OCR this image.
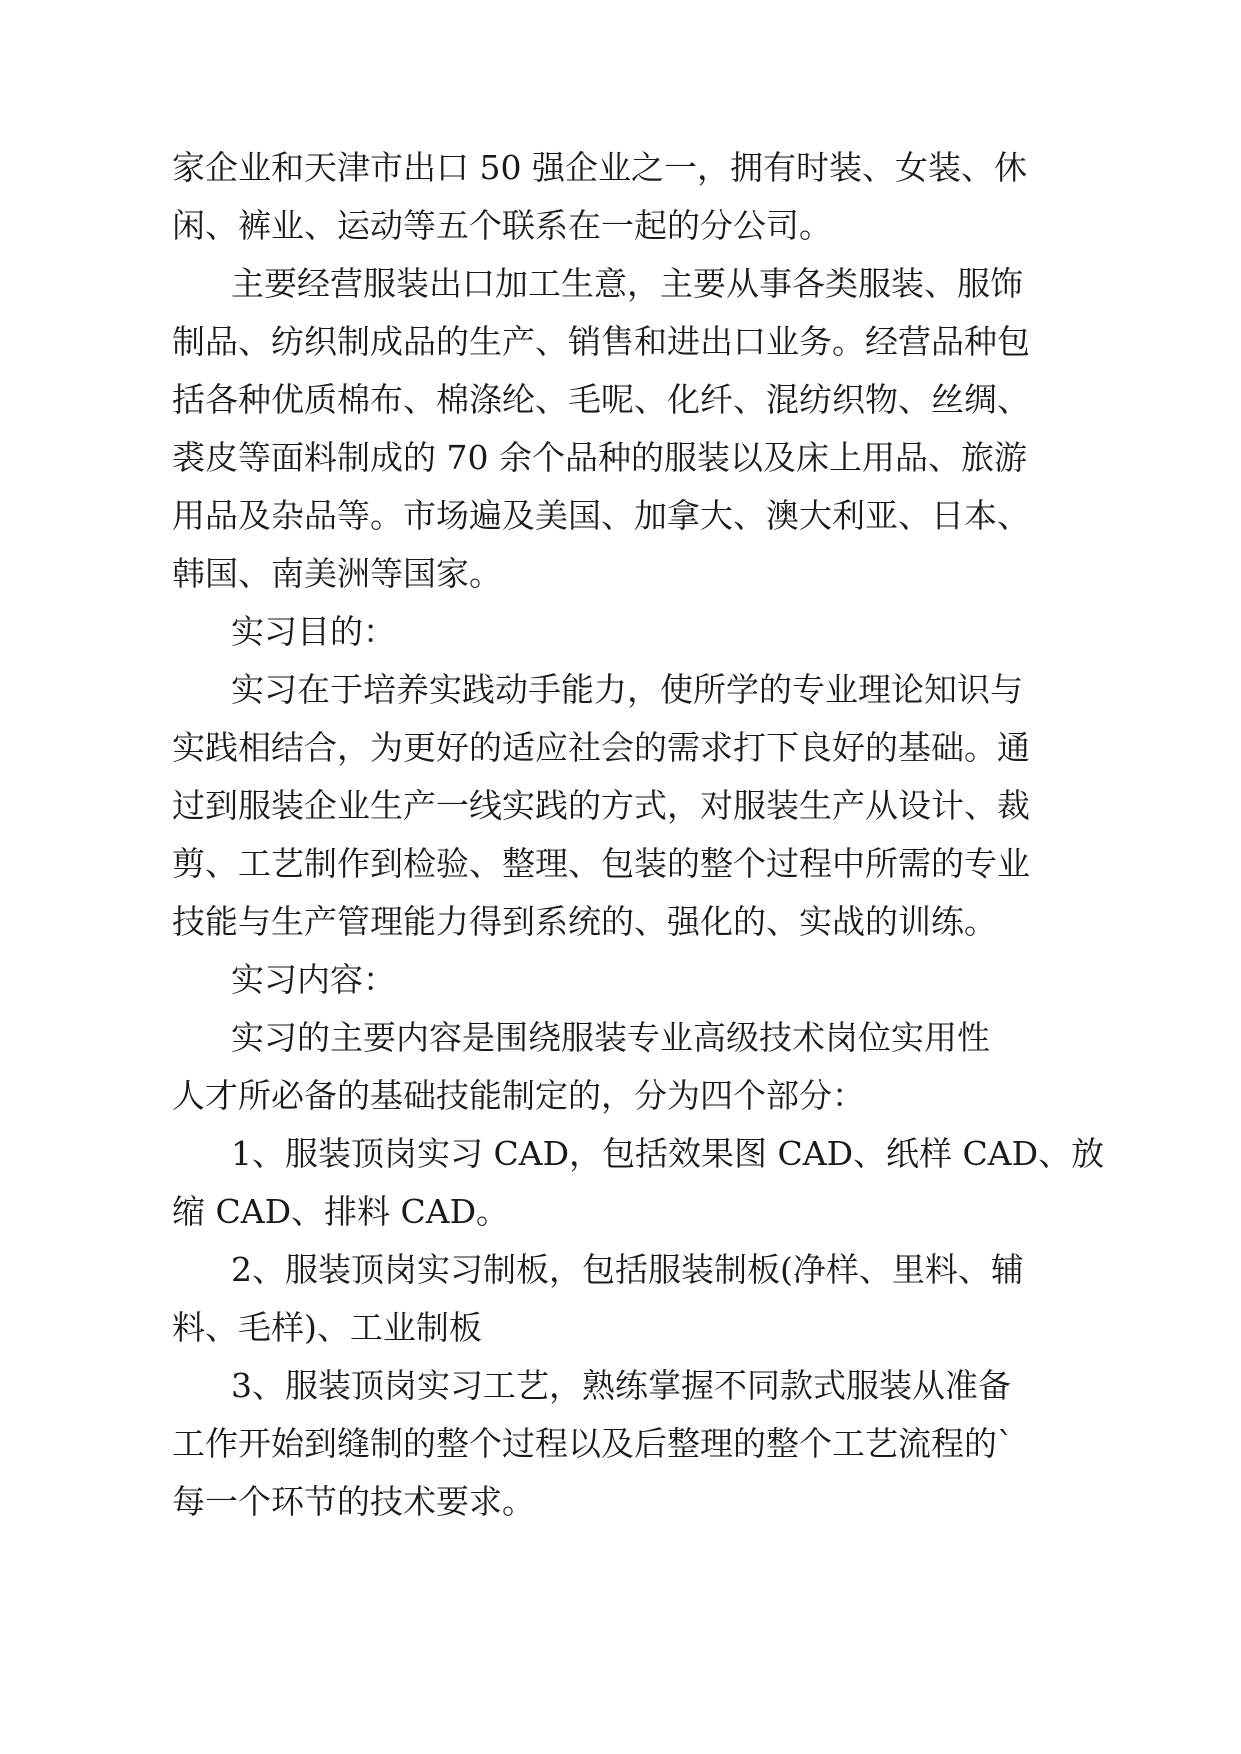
家企业和天津市出口 50 强企业之一，拥有时装、女装、休
闲、裤业、运动等五个联系在一起的分公司。
主要经营服装出口加工生意，主要从事各类服装、服饰
制品、纺织制成品的生产、销售和进出口业务。经营品种包
括各种优质棉布、棉涤纶、毛呢、化纤、混纺织物、丝绸、
裘皮等面料制成的 70 余个品种的服装以及床上用品、旅游
用品及杂品等。市场遍及美国、加拿大、澳大利亚、日本、
韩国、南美洲等国家。
实习目的：
实习在于培养实践动手能力，使所学的专业理论知识与
实践相结合，为更好的适应社会的需求打下良好的基础。通
过到服装企业生产一线实践的方式，对服装生产从设计、裁
剪、工艺制作到检验、整理、包装的整个过程中所需的专业
技能与生产管理能力得到系统的、强化的、实战的训练。
实习内容：
实习的主要内容是围绕服装专业高级技术岗位实用性
人才所必备的基础技能制定的，分为四个部分：
1、服装顶岗实习 CAD，包括效果图 CAD、纸样 CAD、放
缩 CAD、排料 CAD。
2、服装顶岗实习制板，包括服装制板(净样、里料、辅
料、毛样)、工业制板
3、服装顶岗实习工艺，熟练掌握不同款式服装从准备
工作开始到缝制的整个过程以及后整理的整个工艺流程的`
每一个环节的技术要求。
